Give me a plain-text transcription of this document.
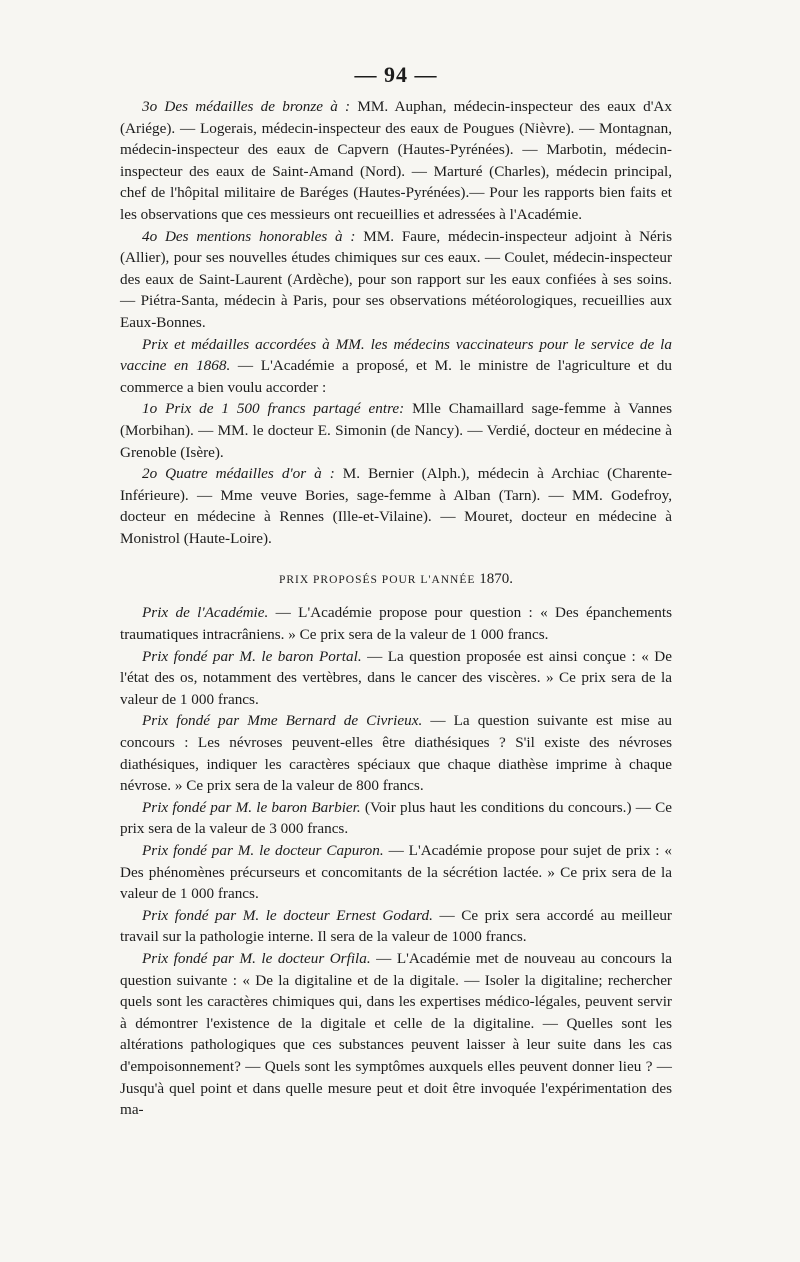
— 94 —

3o Des médailles de bronze à : MM. Auphan, médecin-inspecteur des eaux d'Ax (Ariége). — Logerais, médecin-inspecteur des eaux de Pougues (Nièvre). — Montagnan, médecin-inspecteur des eaux de Capvern (Hautes-Pyrénées). — Marbotin, médecin-inspecteur des eaux de Saint-Amand (Nord). — Marturé (Charles), médecin principal, chef de l'hôpital militaire de Baréges (Hautes-Pyrénées).— Pour les rapports bien faits et les observations que ces messieurs ont recueillies et adressées à l'Académie.

4o Des mentions honorables à : MM. Faure, médecin-inspecteur adjoint à Néris (Allier), pour ses nouvelles études chimiques sur ces eaux. — Coulet, médecin-inspecteur des eaux de Saint-Laurent (Ardèche), pour son rapport sur les eaux confiées à ses soins. — Piétra-Santa, médecin à Paris, pour ses observations météorologiques, recueillies aux Eaux-Bonnes.

Prix et médailles accordées à MM. les médecins vaccinateurs pour le service de la vaccine en 1868. — L'Académie a proposé, et M. le ministre de l'agriculture et du commerce a bien voulu accorder :

1o Prix de 1 500 francs partagé entre: Mlle Chamaillard sage-femme à Vannes (Morbihan). — MM. le docteur E. Simonin (de Nancy). — Verdié, docteur en médecine à Grenoble (Isère).

2o Quatre médailles d'or à : M. Bernier (Alph.), médecin à Archiac (Charente-Inférieure). — Mme veuve Bories, sage-femme à Alban (Tarn). — MM. Godefroy, docteur en médecine à Rennes (Ille-et-Vilaine). — Mouret, docteur en médecine à Monistrol (Haute-Loire).

PRIX PROPOSÉS POUR L'ANNÉE 1870.

Prix de l'Académie. — L'Académie propose pour question : « Des épanchements traumatiques intracrâniens. » Ce prix sera de la valeur de 1 000 francs.

Prix fondé par M. le baron Portal. — La question proposée est ainsi conçue : « De l'état des os, notamment des vertèbres, dans le cancer des viscères. » Ce prix sera de la valeur de 1 000 francs.

Prix fondé par Mme Bernard de Civrieux. — La question suivante est mise au concours : Les névroses peuvent-elles être diathésiques ? S'il existe des névroses diathésiques, indiquer les caractères spéciaux que chaque diathèse imprime à chaque névrose. » Ce prix sera de la valeur de 800 francs.

Prix fondé par M. le baron Barbier. (Voir plus haut les conditions du concours.) — Ce prix sera de la valeur de 3 000 francs.

Prix fondé par M. le docteur Capuron. — L'Académie propose pour sujet de prix : « Des phénomènes précurseurs et concomitants de la sécrétion lactée. » Ce prix sera de la valeur de 1 000 francs.

Prix fondé par M. le docteur Ernest Godard. — Ce prix sera accordé au meilleur travail sur la pathologie interne. Il sera de la valeur de 1000 francs.

Prix fondé par M. le docteur Orfila. — L'Académie met de nouveau au concours la question suivante : « De la digitaline et de la digitale. — Isoler la digitaline; rechercher quels sont les caractères chimiques qui, dans les expertises médico-légales, peuvent servir à démontrer l'existence de la digitale et celle de la digitaline. — Quelles sont les altérations pathologiques que ces substances peuvent laisser à leur suite dans les cas d'empoisonnement? — Quels sont les symptômes auxquels elles peuvent donner lieu ? — Jusqu'à quel point et dans quelle mesure peut et doit être invoquée l'expérimentation des ma-
